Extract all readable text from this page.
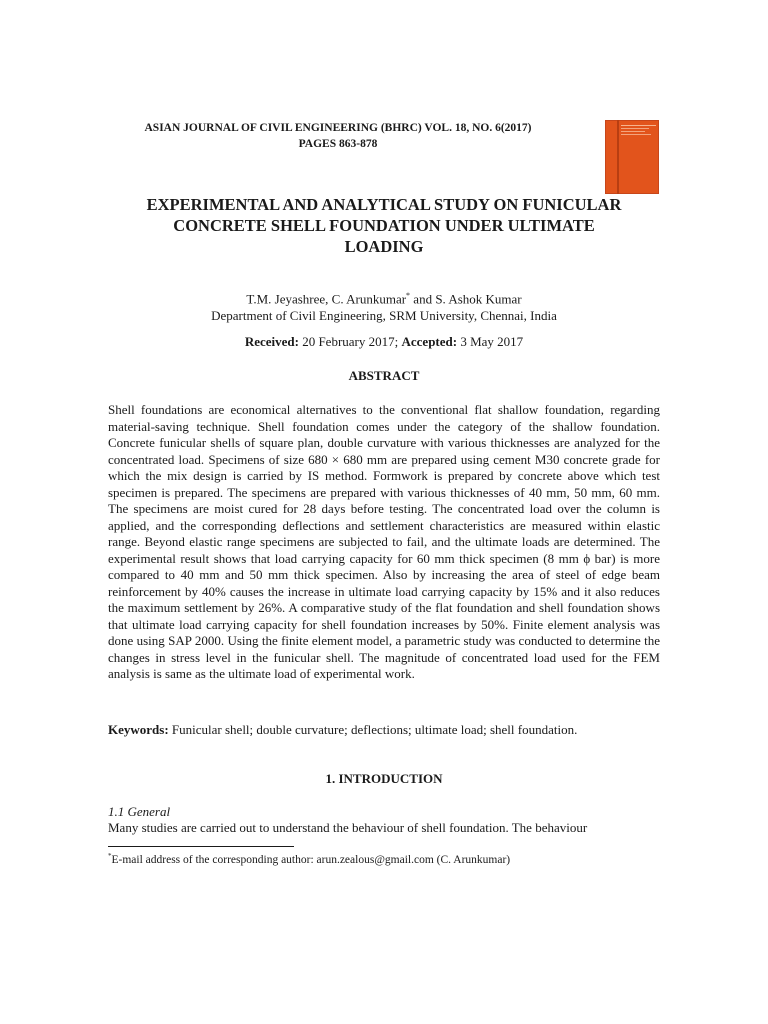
ASIAN JOURNAL OF CIVIL ENGINEERING (BHRC) VOL. 18, NO. 6(2017)
PAGES 863-878
EXPERIMENTAL AND ANALYTICAL STUDY ON FUNICULAR
CONCRETE SHELL FOUNDATION UNDER ULTIMATE
LOADING
T.M. Jeyashree, C. Arunkumar* and S. Ashok Kumar
Department of Civil Engineering, SRM University, Chennai, India
Received: 20 February 2017; Accepted: 3 May 2017
ABSTRACT
Shell foundations are economical alternatives to the conventional flat shallow foundation, regarding material-saving technique. Shell foundation comes under the category of the shallow foundation. Concrete funicular shells of square plan, double curvature with various thicknesses are analyzed for the concentrated load. Specimens of size 680 × 680 mm are prepared using cement M30 concrete grade for which the mix design is carried by IS method. Formwork is prepared by concrete above which test specimen is prepared. The specimens are prepared with various thicknesses of 40 mm, 50 mm, 60 mm. The specimens are moist cured for 28 days before testing. The concentrated load over the column is applied, and the corresponding deflections and settlement characteristics are measured within elastic range. Beyond elastic range specimens are subjected to fail, and the ultimate loads are determined. The experimental result shows that load carrying capacity for 60 mm thick specimen (8 mm ϕ bar) is more compared to 40 mm and 50 mm thick specimen. Also by increasing the area of steel of edge beam reinforcement by 40% causes the increase in ultimate load carrying capacity by 15% and it also reduces the maximum settlement by 26%. A comparative study of the flat foundation and shell foundation shows that ultimate load carrying capacity for shell foundation increases by 50%. Finite element analysis was done using SAP 2000. Using the finite element model, a parametric study was conducted to determine the changes in stress level in the funicular shell. The magnitude of concentrated load used for the FEM analysis is same as the ultimate load of experimental work.
Keywords: Funicular shell; double curvature; deflections; ultimate load; shell foundation.
1. INTRODUCTION
1.1 General
Many studies are carried out to understand the behaviour of shell foundation. The behaviour
*E-mail address of the corresponding author: arun.zealous@gmail.com (C. Arunkumar)
